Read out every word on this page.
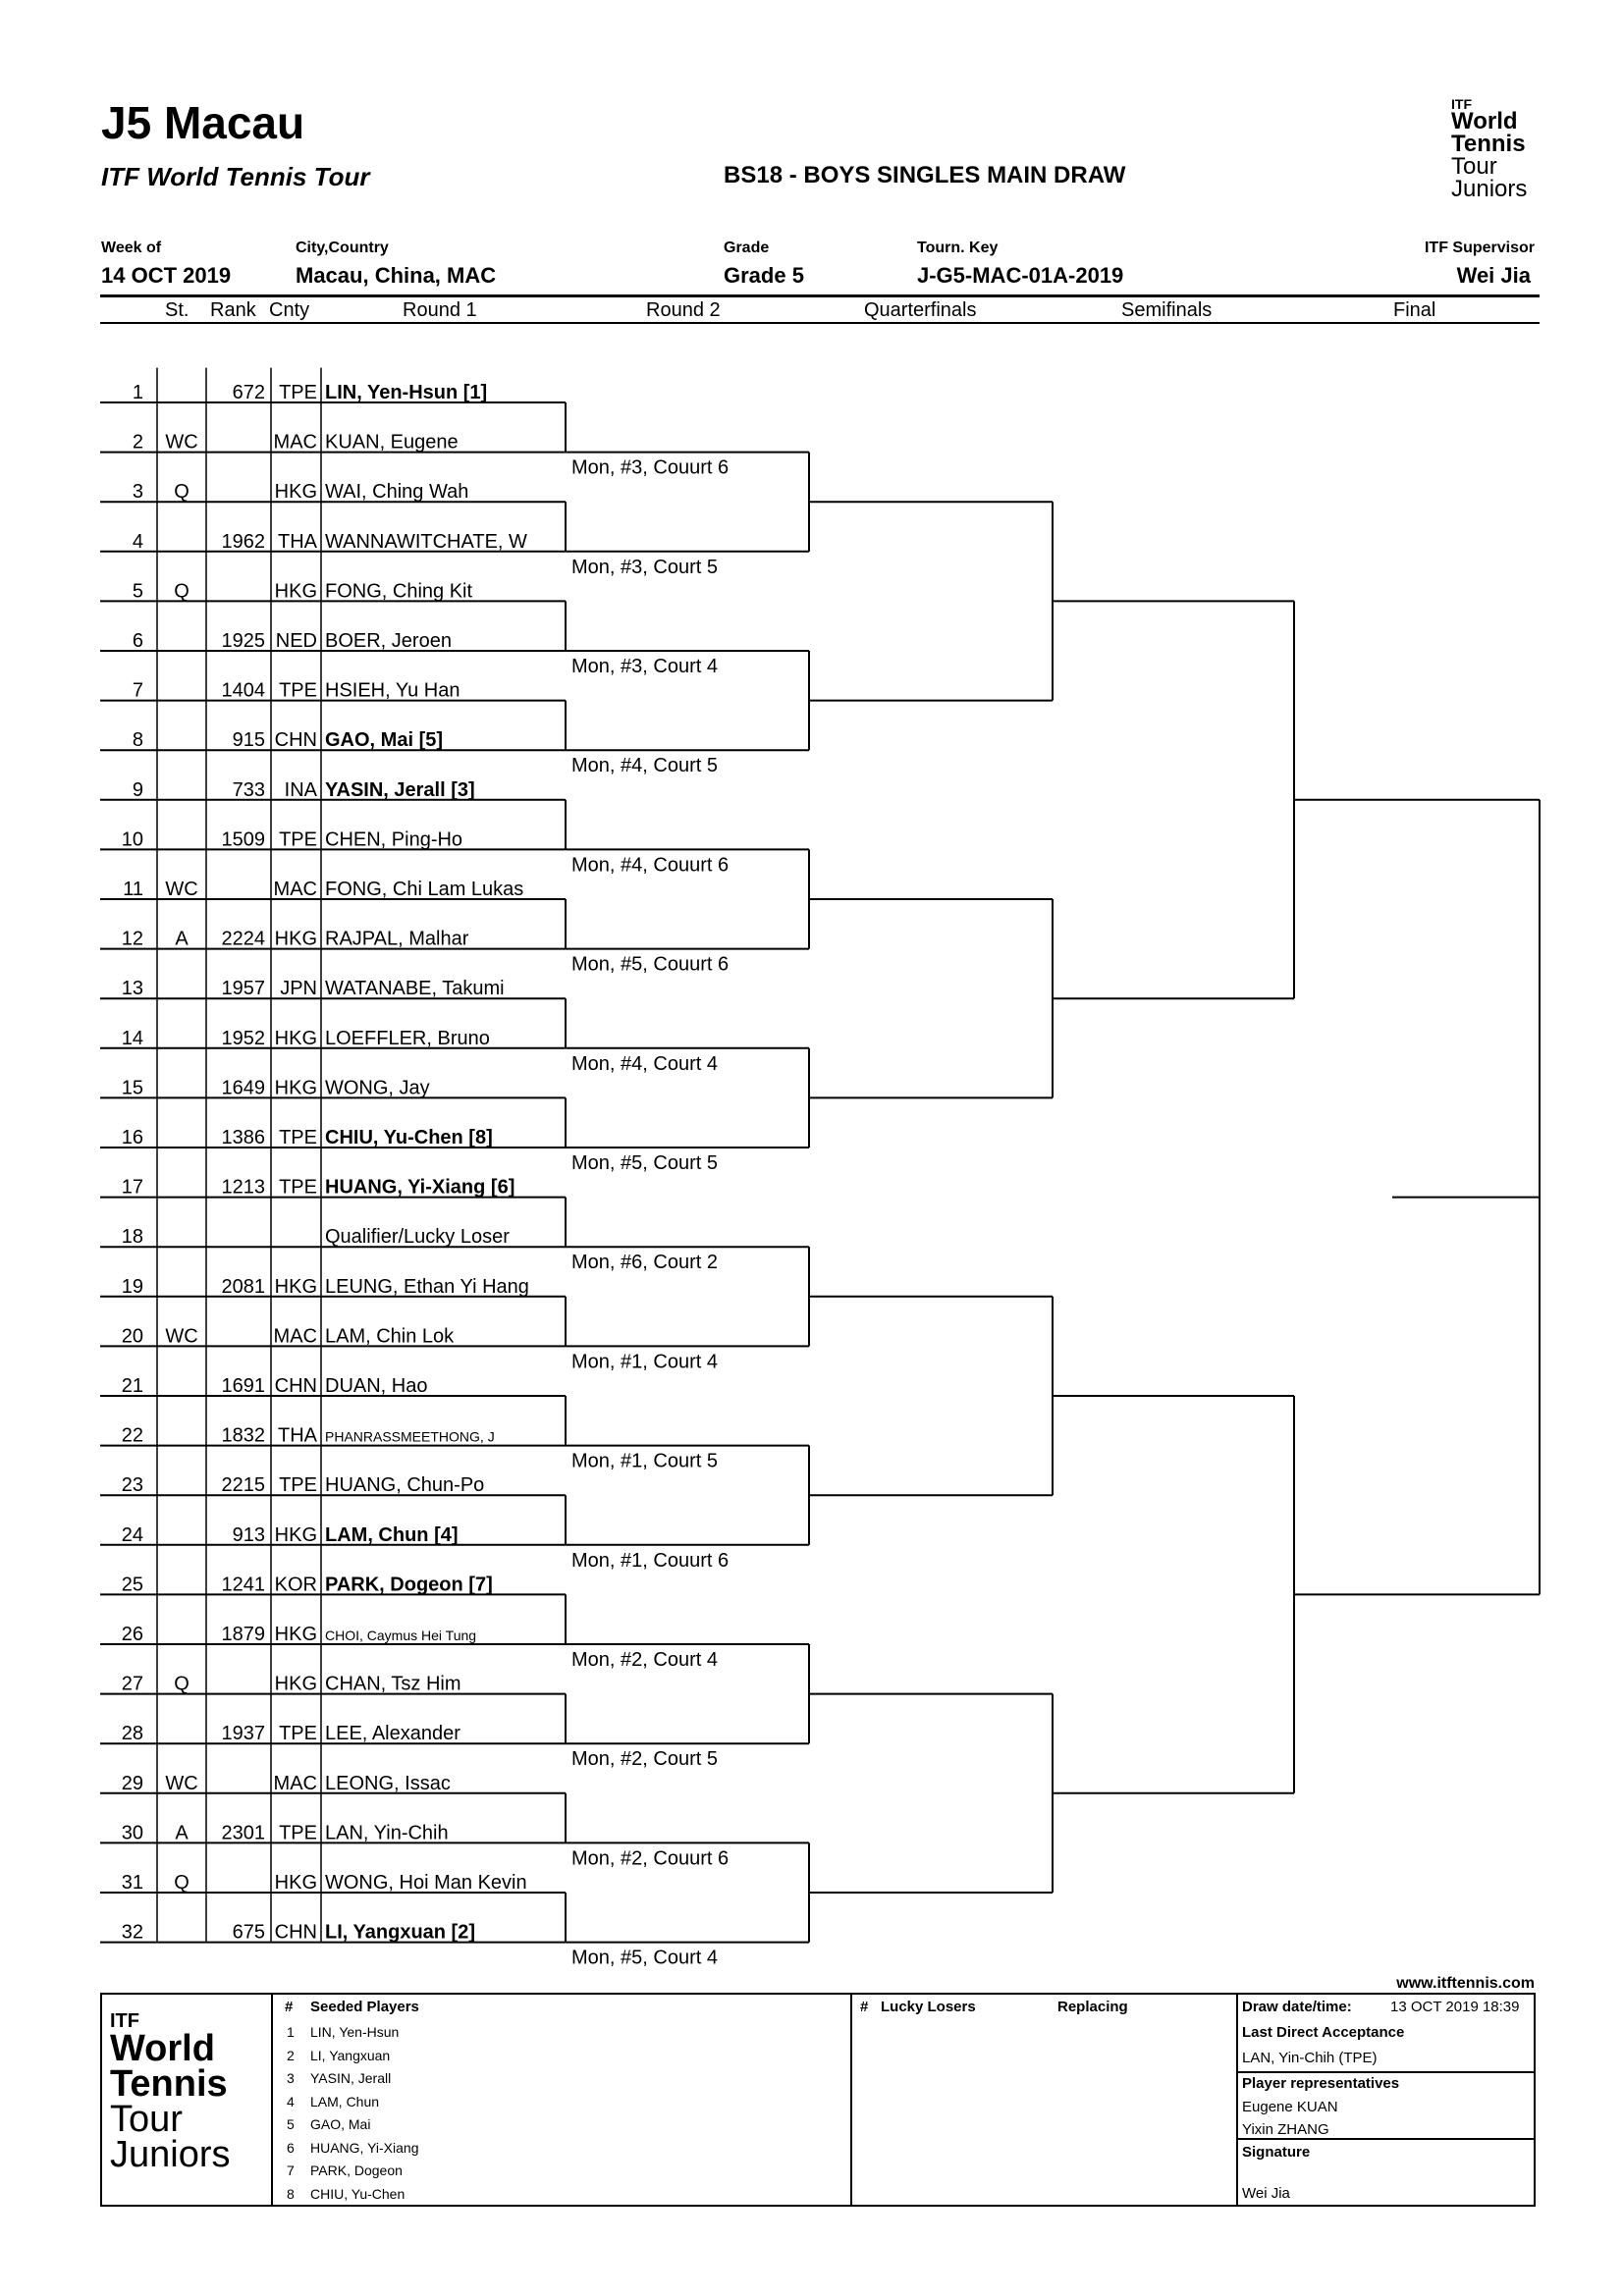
J5 Macau
ITF World Tennis Tour	BS18 - BOYS SINGLES MAIN DRAW
ITF
World
Tennis
Tour
Juniors
Week of
14 OCT 2019
City,Country
Macau, China, MAC
Grade
Grade 5
Tourn. Key
J-G5-MAC-01A-2019
ITF Supervisor
Wei Jia
St. Rank Cnty	Round 1	Round 2	Quarterfinals	Semifinals	Final
1	672 TPE LIN, Yen-Hsun [1]
2 WC	MAC KUAN, Eugene
3 Q	HKG WAI, Ching Wah
4	1962 THA WANNAWITCHATE, W
5 Q	HKG FONG, Ching Kit
6	1925 NED BOER, Jeroen
7	1404 TPE HSIEH, Yu Han
8	915 CHN GAO, Mai [5]
9	733 INA YASIN, Jerall [3]
10	1509 TPE CHEN, Ping-Ho
11 WC	MAC FONG, Chi Lam Lukas
12 A 2224 HKG RAJPAL, Malhar
13	1957 JPN WATANABE, Takumi
14	1952 HKG LOEFFLER, Bruno
15	1649 HKG WONG, Jay
16	1386 TPE CHIU, Yu-Chen [8]
17	1213 TPE HUANG, Yi-Xiang [6]
18	Qualifier/Lucky Loser
19	2081 HKG LEUNG, Ethan Yi Hang
20 WC	MAC LAM, Chin Lok
21	1691 CHN DUAN, Hao
22	1832 THA PHANRASSMEETHONG, J
23	2215 TPE HUANG, Chun-Po
24	913 HKG LAM, Chun [4]
25	1241 KOR PARK, Dogeon [7]
26	1879 HKG CHOI, Caymus Hei Tung
27 Q	HKG CHAN, Tsz Him
28	1937 TPE LEE, Alexander
29 WC	MAC LEONG, Issac
30 A 2301 TPE LAN, Yin-Chih
31 Q	HKG WONG, Hoi Man Kevin
32	675 CHN LI, Yangxuan [2]
Mon, #3, Couurt 6
Mon, #3, Court 5
Mon, #3, Court 4
Mon, #4, Court 5
Mon, #4, Couurt 6
Mon, #5, Couurt 6
Mon, #4, Court 4
Mon, #5, Court 5
Mon, #6, Court 2
Mon, #1, Court 4
Mon, #1, Court 5
Mon, #1, Couurt 6
Mon, #2, Court 4
Mon, #2, Court 5
Mon, #2, Couurt 6
Mon, #5, Court 4
www.itftennis.com
ITF
World
Tennis
Tour
Juniors
# Seeded Players
1 LIN, Yen-Hsun
2 LI, Yangxuan
3 YASIN, Jerall
4 LAM, Chun
5 GAO, Mai
6 HUANG, Yi-Xiang
7 PARK, Dogeon
8 CHIU, Yu-Chen
# Lucky Losers	Replacing	Draw date/time:	13 OCT 2019 18:39
Last Direct Acceptance
LAN, Yin-Chih (TPE)
Player representatives
Eugene KUAN
Yixin ZHANG
Signature
Wei Jia
